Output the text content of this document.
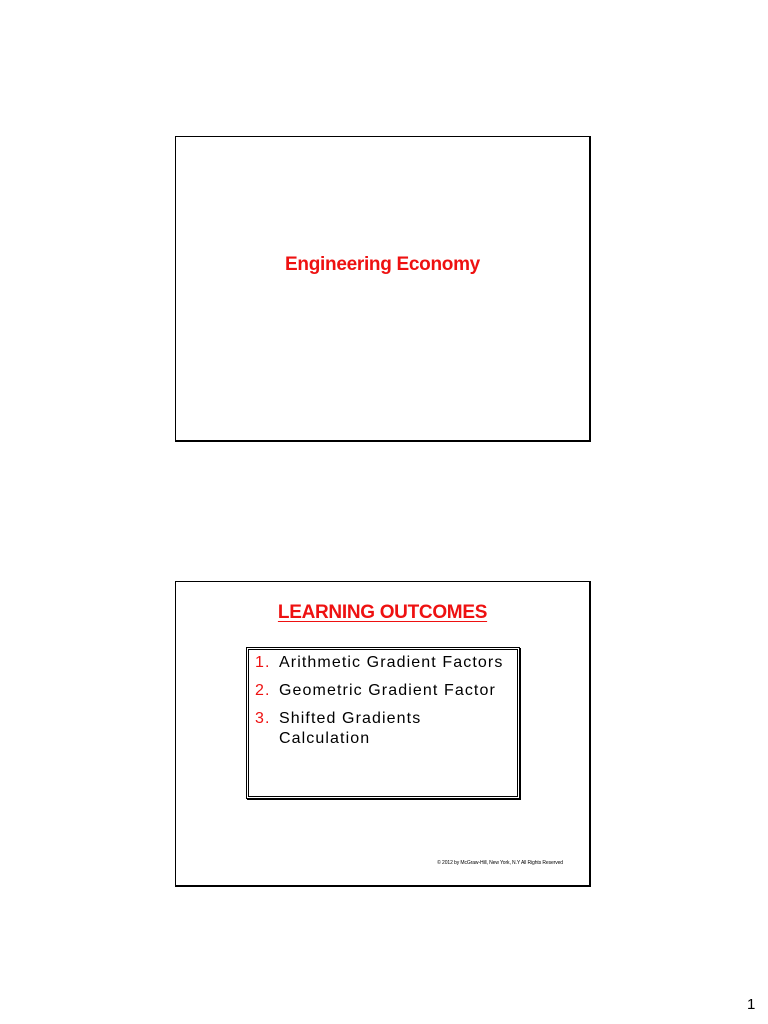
Engineering Economy
LEARNING OUTCOMES
1. Arithmetic Gradient Factors
2. Geometric Gradient Factor
3. Shifted Gradients Calculation
© 2012 by McGraw-Hill, New York, N.Y All Rights Reserved
1
